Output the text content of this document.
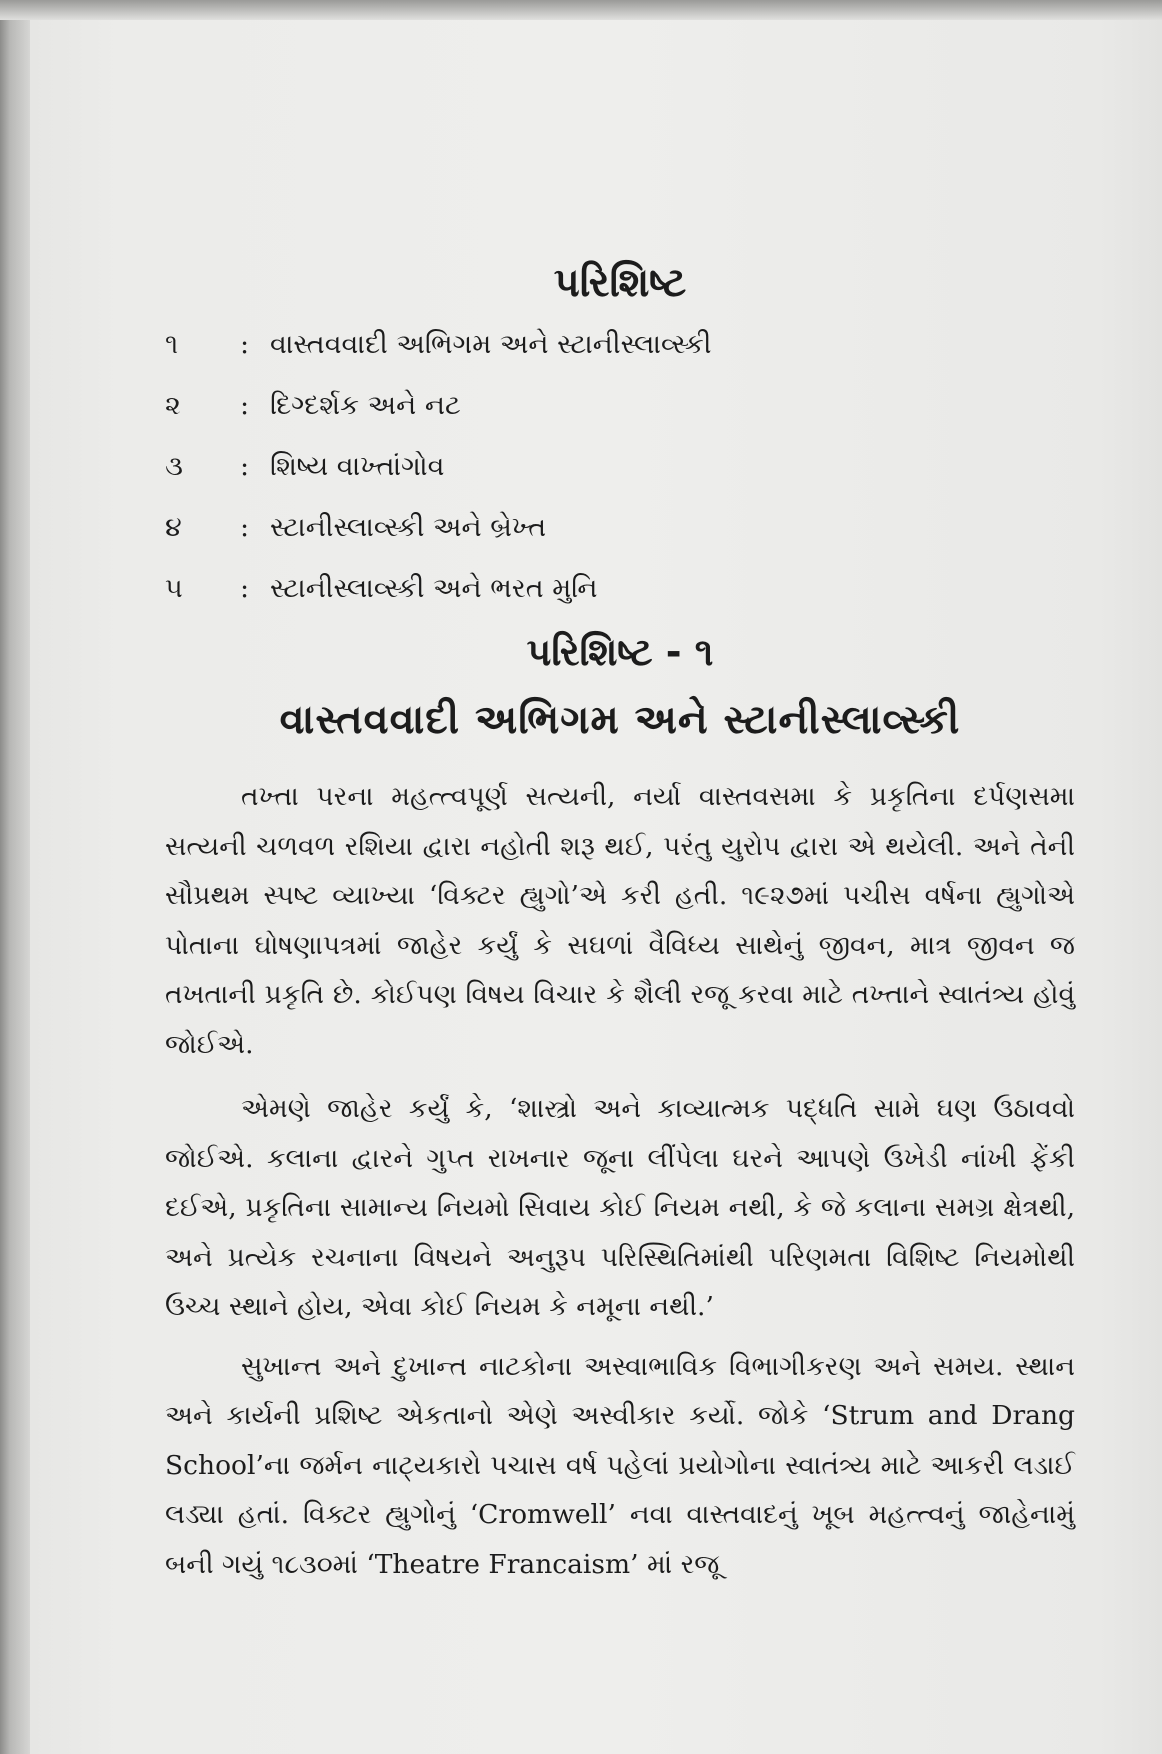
પરિશિષ્ટ
૧	: વાસ્તવવાદી અભિગમ અને સ્ટાનીસ્લાવ્સ્કી
૨	: દિગ્દર્શક અને નટ
૩	: શિષ્ય વાખ્તાંગોવ
૪	: સ્ટાનીસ્લાવ્સ્કી અને બ્રેખ્ત
૫	: સ્ટાનીસ્લાવ્સ્કી અને ભરત મુનિ
પરિશિષ્ટ - ૧
વાસ્તવવાદી અભિગમ અને સ્ટાનીસ્લાવ્સ્કી

તખ્તા પરના મહત્ત્વપૂર્ણ સત્યની, નર્યા વાસ્તવસમા કે પ્રકૃતિના દર્પણસમા સત્યની ચળવળ રશિયા દ્વારા નહોતી શરૂ થઈ, પરંતુ યુરોપ દ્વારા એ થયેલી. અને તેની સૌપ્રથમ સ્પષ્ટ વ્યાખ્યા ‘વિક્ટર હ્યુગો’એ કરી હતી. ૧૯૨૭માં પચીસ વર્ષના હ્યુગોએ પોતાના ઘોષણાપત્રમાં જાહેર કર્યું કે સઘળાં વૈવિધ્ય સાથેનું જીવન, માત્ર જીવન જ તખતાની પ્રકૃતિ છે. કોઈપણ વિષય વિચાર કે શૈલી રજૂ કરવા માટે તખ્તાને સ્વાતંત્ર્ય હોવું જોઈએ.

એમણે જાહેર કર્યું કે, ‘શાસ્ત્રો અને કાવ્યાત્મક પદ્ધતિ સામે ઘણ ઉઠાવવો જોઈએ. કલાના દ્વારને ગુપ્ત રાખનાર જૂના લીંપેલા ઘરને આપણે ઉખેડી નાંખી ફેંકી દઈએ, પ્રકૃતિના સામાન્ય નિયમો સિવાય કોઈ નિયમ નથી, કે જે કલાના સમગ્ર ક્ષેત્રથી, અને પ્રત્યેક રચનાના વિષયને અનુરૂપ પરિસ્થિતિમાંથી પરિણમતા વિશિષ્ટ નિયમોથી ઉચ્ચ સ્થાને હોય, એવા કોઈ નિયમ કે નમૂના નથી.’

સુખાન્ત અને દુખાન્ત નાટકોના અસ્વાભાવિક વિભાગીકરણ અને સમય. સ્થાન અને કાર્યની પ્રશિષ્ટ એકતાનો એણે અસ્વીકાર કર્યો. જોકે ‘Strum and Drang School’ના જર્મન નાટ્યકારો પચાસ વર્ષ પહેલાં પ્રયોગોના સ્વાતંત્ર્ય માટે આકરી લડાઈ લડ્યા હતાં. વિક્ટર હ્યુગોનું ‘Cromwell’ નવા વાસ્તવાદનું ખૂબ મહત્ત્વનું જાહેનામું બની ગયું ૧૮૩૦માં ‘Theatre Francaism’ માં રજૂ
